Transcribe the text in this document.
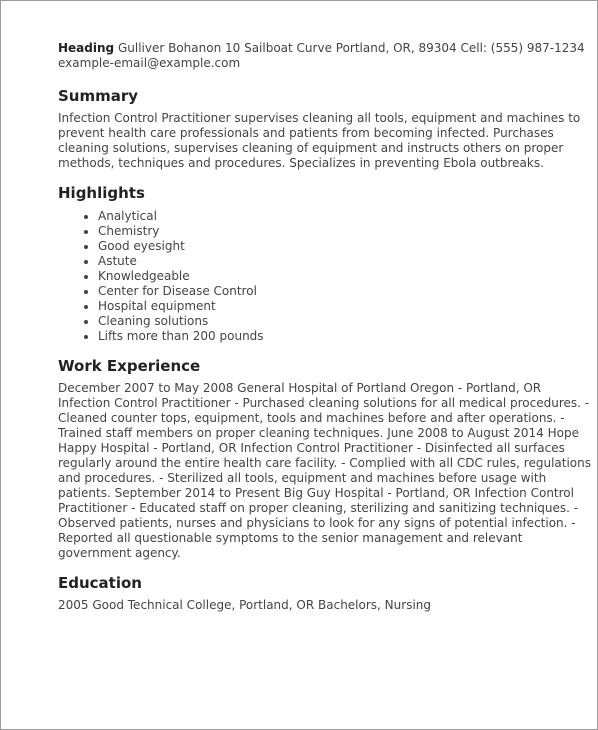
Heading Gulliver Bohanon 10 Sailboat Curve Portland, OR, 89304 Cell: (555) 987-1234 example-email@example.com

Summary

Infection Control Practitioner supervises cleaning all tools, equipment and machines to prevent health care professionals and patients from becoming infected. Purchases cleaning solutions, supervises cleaning of equipment and instructs others on proper methods, techniques and procedures. Specializes in preventing Ebola outbreaks.

Highlights
• Analytical
• Chemistry
• Good eyesight
• Astute
• Knowledgeable
• Center for Disease Control
• Hospital equipment
• Cleaning solutions
• Lifts more than 200 pounds
Work Experience

December 2007 to May 2008 General Hospital of Portland Oregon - Portland, OR Infection Control Practitioner - Purchased cleaning solutions for all medical procedures. - Cleaned counter tops, equipment, tools and machines before and after operations. - Trained staff members on proper cleaning techniques. June 2008 to August 2014 Hope Happy Hospital - Portland, OR Infection Control Practitioner - Disinfected all surfaces regularly around the entire health care facility. - Complied with all CDC rules, regulations and procedures. - Sterilized all tools, equipment and machines before usage with patients. September 2014 to Present Big Guy Hospital - Portland, OR Infection Control Practitioner - Educated staff on proper cleaning, sterilizing and sanitizing techniques. - Observed patients, nurses and physicians to look for any signs of potential infection. - Reported all questionable symptoms to the senior management and relevant government agency.

Education

2005 Good Technical College, Portland, OR Bachelors, Nursing
